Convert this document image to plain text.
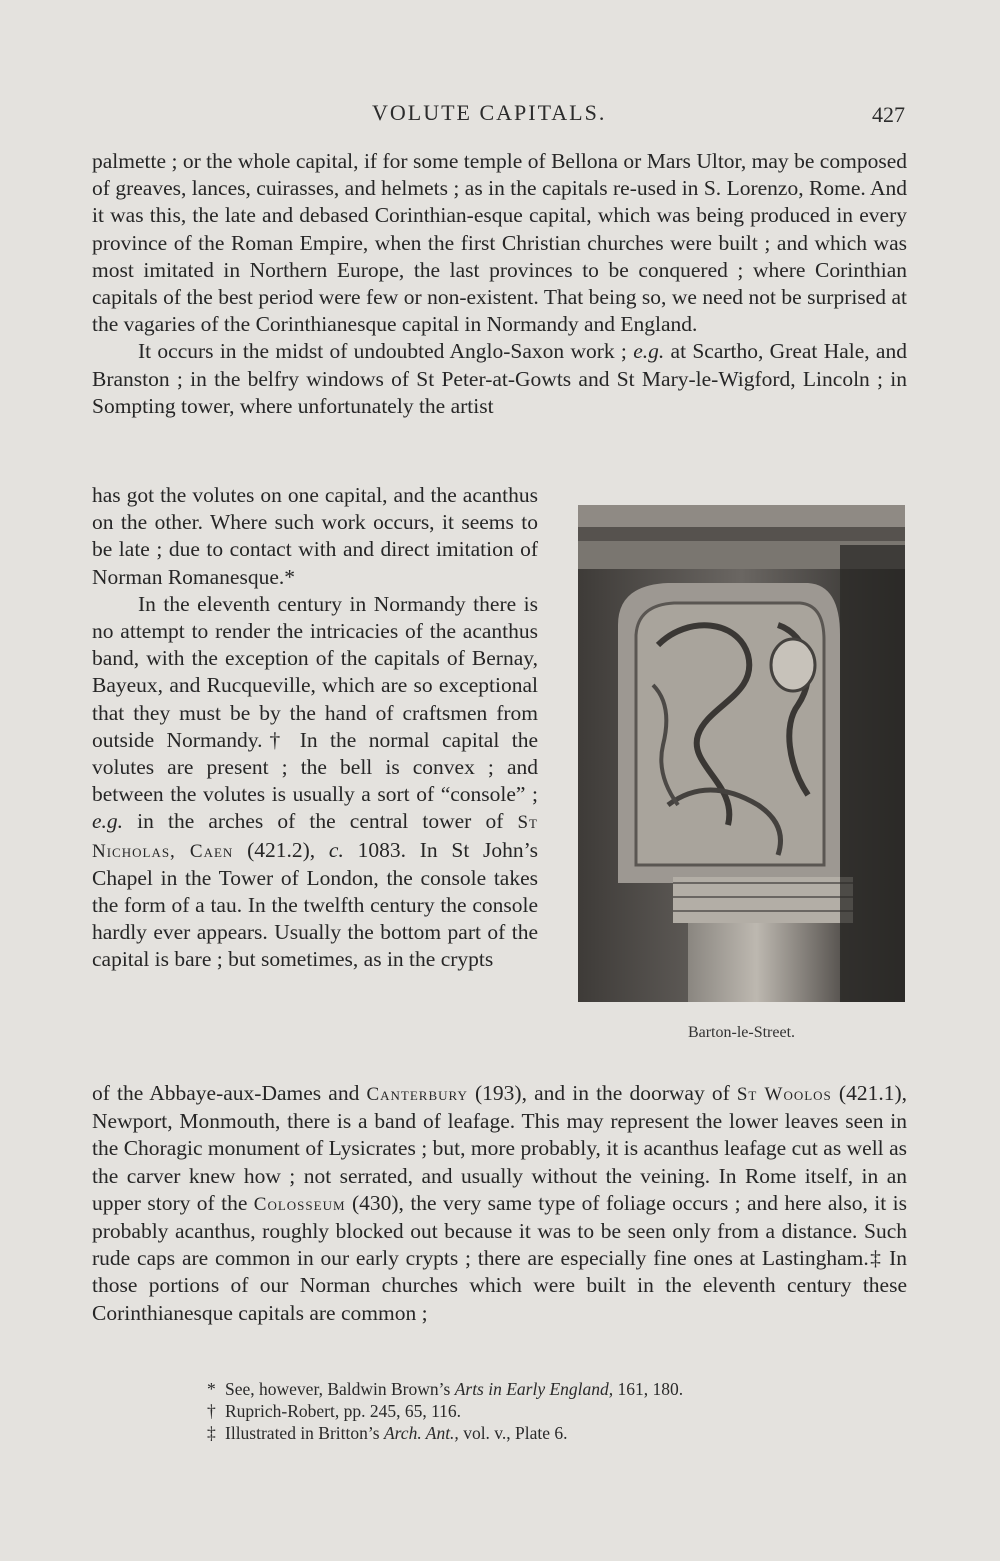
VOLUTE CAPITALS.	427

palmette ; or the whole capital, if for some temple of Bellona or Mars Ultor, may be composed of greaves, lances, cuirasses, and helmets ; as in the capitals re-used in S. Lorenzo, Rome. And it was this, the late and debased Corinthian-esque capital, which was being produced in every province of the Roman Empire, when the first Christian churches were built ; and which was most imitated in Northern Europe, the last provinces to be conquered ; where Corinthian capitals of the best period were few or non-existent. That being so, we need not be surprised at the vagaries of the Corinthianesque capital in Normandy and England.

It occurs in the midst of undoubted Anglo-Saxon work ; e.g. at Scartho, Great Hale, and Branston ; in the belfry windows of St Peter-at-Gowts and St Mary-le-Wigford, Lincoln ; in Sompting tower, where unfortunately the artist

has got the volutes on one capital, and the acanthus on the other. Where such work occurs, it seems to be late ; due to contact with and direct imitation of Norman Romanesque.*

In the eleventh century in Normandy there is no attempt to render the intricacies of the acanthus band, with the exception of the capitals of Bernay, Bayeux, and Rucqueville, which are so exceptional that they must be by the hand of craftsmen from outside Normandy.† In the normal capital the volutes are present ; the bell is convex ; and between the volutes is usually a sort of “console” ; e.g. in the arches of the central tower of St Nicholas, Caen (421.2), c. 1083. In St John’s Chapel in the Tower of London, the console takes the form of a tau. In the twelfth century the console hardly ever appears. Usually the bottom part of the capital is bare ; but sometimes, as in the crypts

Barton-le-Street.

of the Abbaye-aux-Dames and Canterbury (193), and in the doorway of St Woolos (421.1), Newport, Monmouth, there is a band of leafage. This may represent the lower leaves seen in the Choragic monument of Lysicrates ; but, more probably, it is acanthus leafage cut as well as the carver knew how ; not serrated, and usually without the veining. In Rome itself, in an upper story of the Colosseum (430), the very same type of foliage occurs ; and here also, it is probably acanthus, roughly blocked out because it was to be seen only from a distance. Such rude caps are common in our early crypts ; there are especially fine ones at Lastingham.‡ In those portions of our Norman churches which were built in the eleventh century these Corinthianesque capitals are common ;

* See, however, Baldwin Brown’s Arts in Early England, 161, 180.
† Ruprich-Robert, pp. 245, 65, 116.
‡ Illustrated in Britton’s Arch. Ant., vol. v., Plate 6.
